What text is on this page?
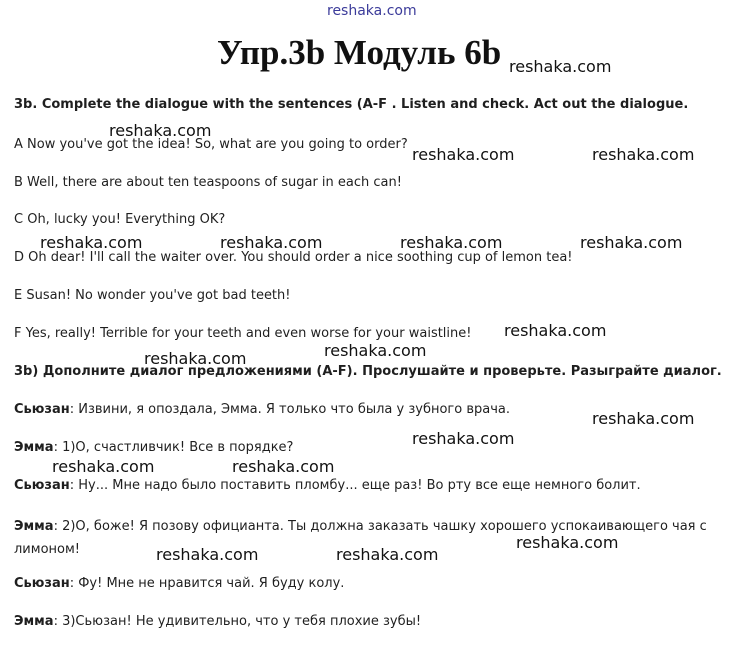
reshaka.com
Упр.3b Модуль 6b
3b. Complete the dialogue with the sentences (A-F . Listen and check. Act out the dialogue.
A Now you've got the idea! So, what are you going to order?
B Well, there are about ten teaspoons of sugar in each can!
C Oh, lucky you! Everything OK?
D Oh dear! I'll call the waiter over. You should order a nice soothing cup of lemon tea!
E Susan! No wonder you've got bad teeth!
F Yes, really! Terrible for your teeth and even worse for your waistline!
3b) Дополните диалог предложениями (A-F). Прослушайте и проверьте. Разыграйте диалог.
Сьюзан: Извини, я опоздала, Эмма. Я только что была у зубного врача.
Эмма: 1)О, счастливчик! Все в порядке?
Сьюзан: Ну... Мне надо было поставить пломбу... еще раз! Во рту все еще немного болит.
Эмма: 2)О, боже! Я позову официанта. Ты должна заказать чашку хорошего успокаивающего чая с лимоном!
Сьюзан: Фу! Мне не нравится чай. Я буду колу.
Эмма: 3)Сьюзан! Не удивительно, что у тебя плохие зубы!
reshaka.com
reshaka.com
reshaka.com	reshaka.com
reshaka.com	reshaka.com	reshaka.com	reshaka.com
reshaka.com
reshaka.com
reshaka.com
reshaka.com
reshaka.com
reshaka.com	reshaka.com
reshaka.com
reshaka.com	reshaka.com
